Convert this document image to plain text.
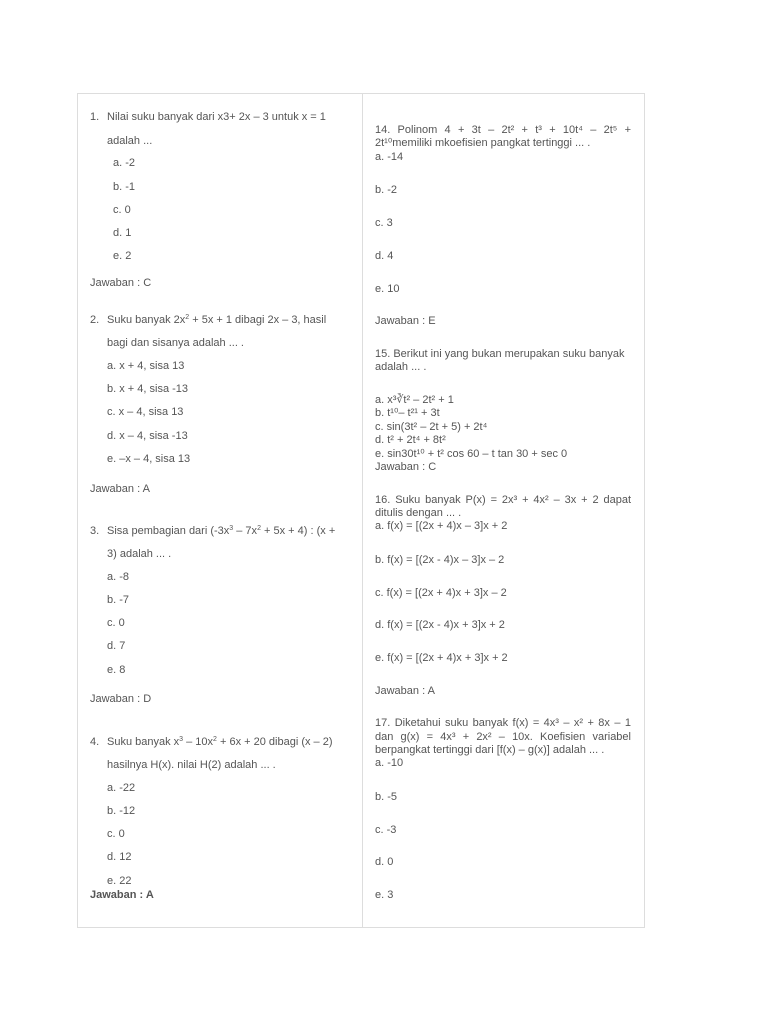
1. Nilai suku banyak dari x3+ 2x – 3 untuk x = 1
adalah ...
a. -2
b. -1
c. 0
d. 1
e. 2
Jawaban : C
2. Suku banyak $2x^2 + 5x + 1$ dibagi 2x – 3, hasil
bagi dan sisanya adalah ... .
a. x + 4, sisa 13
b. x + 4, sisa -13
c. x – 4, sisa 13
d. x – 4, sisa -13
e. –x – 4, sisa 13
Jawaban : A
3. Sisa pembagian dari $(-3x^3 - 7x^2 + 5x + 4)$ : (x +
3) adalah ... .
a. -8
b. -7
c. 0
d. 7
e. 8
Jawaban : D
4. Suku banyak $x^3 - 10x^2 + 6x + 20$ dibagi (x – 2)
hasilnya H(x). nilai H(2) adalah ... .
a. -22
b. -12
c. 0
d. 12
e. 22
Jawaban : A
14. Polinom 4 + 3t – 2t² + t³ + 10t⁴ – 2t⁵ +
2t¹⁰memiliki mkoefisien pangkat tertinggi ... .
a. -14
b. -2
c. 3
d. 4
e. 10
Jawaban : E
15. Berikut ini yang bukan merupakan suku banyak
adalah ... .
a. x³∛t² – 2t² + 1
b. t¹⁰– t²¹ + 3t
c. sin(3t² – 2t + 5) + 2t⁴
d. t² + 2t⁴ + 8t²
e. sin30t¹⁰ + t² cos 60 – t tan 30 + sec 0
Jawaban : C
16. Suku banyak P(x) = 2x³ + 4x² – 3x + 2 dapat
ditulis dengan ... .
a. f(x) = [(2x + 4)x – 3]x + 2
b. f(x) = [(2x - 4)x – 3]x – 2
c. f(x) = [(2x + 4)x + 3]x – 2
d. f(x) = [(2x - 4)x + 3]x + 2
e. f(x) = [(2x + 4)x + 3]x + 2
Jawaban : A
17. Diketahui suku banyak f(x) = 4x³ – x² + 8x – 1
dan g(x) = 4x³ + 2x² – 10x. Koefisien variabel
berpangkat tertinggi dari [f(x) – g(x)] adalah ... .
a. -10
b. -5
c. -3
d. 0
e. 3
